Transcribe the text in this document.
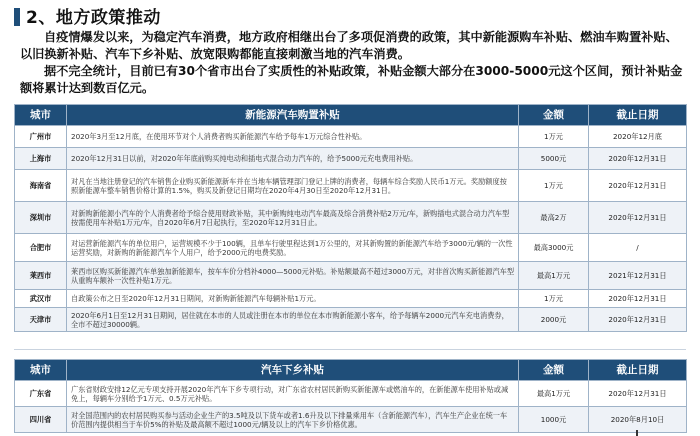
2、地方政策推动
自疫情爆发以来，为稳定汽车消费，地方政府相继出台了多项促消费的政策，其中新能源购车补贴、燃油车购置补贴、以旧换新补贴、汽车下乡补贴、放宽限购都能直接刺激当地的汽车消费。
据不完全统计，目前已有30个省市出台了实质性的补贴政策，补贴金额大部分在3000-5000元这个区间，预计补贴金额将累计达到数百亿元。
城市	新能源汽车购置补贴	金额	截止日期
广州市	2020年3月至12月底，在使用环节对个人消费者购买新能源汽车给予每车1万元综合性补贴。	1万元	2020年12月底
上海市	2020年12月31日以前，对2020年年底前购买纯电动和插电式混合动力汽车的，给予5000元充电费用补贴。	5000元	2020年12月31日
海南省	对凡在当地注册登记的汽车销售企业购买新能源新车并在当地车辆管理部门登记上牌的消费者，每辆车综合奖励人民币1万元。奖励额度按照新能源车整车销售价格计算的1.5%，购买及新登记日期均在2020年4月30日至2020年12月31日。	1万元	2020年12月31日
深圳市	对新购新能源小汽车的个人消费者给予综合使用财政补贴，其中新购纯电动汽车最高及综合消费补贴2万元/车，新购插电式混合动力汽车型按需使用车补贴1万元/车，自2020年6月7日起执行，至2020年12月31日止。	最高2万	2020年12月31日
合肥市	对运营新能源汽车的单位用户，运营规模不少于100辆，且单车行驶里程达到1万公里的，对其新购置的新能源汽车给予3000元/辆的一次性运营奖励，对新购的新能源汽车个人用户，给予2000元的电费奖励。	最高3000元	/
莱西市	莱西市区购买新能源汽车单独加新能源车，按车车价分档补4000—5000元补贴。补贴额最高不超过3000万元，对非首次购买新能源汽车型从重购车额补一次性补贴1万元。	最高1万元	2021年12月31日
武汉市	自政策公布之日至2020年12月31日期间，对新购新能源汽车每辆补贴1万元。	1万元	2020年12月31日
天津市	2020年6月1日至12月31日期间，居住就在本市的人员或注册在本市的单位在本市购新能源小客车，给予每辆车2000元汽车充电消费券，全市不超过30000辆。	2000元	2020年12月31日
城市	汽车下乡补贴	金额	截止日期
广东省	广东省财政安排12亿元专项支持开展2020年汽车下乡专项行动，对广东省农村居民新购买新能源车或燃油车的，在新能源车使用补贴或减免上，每辆车分别给予1万元、0.5万元补贴。	最高1万元	2020年12月31日
四川省	对全国范围内的农村居民购买参与活动企业生产的3.5吨及以下货车或者1.6升及以下排量乘用车（含新能源汽车），汽车生产企业在统一车价范围内提供相当于车价5%的补贴及最高额不超过1000元/辆及以上的汽车下乡价格优惠。	1000元	2020年8月10日
